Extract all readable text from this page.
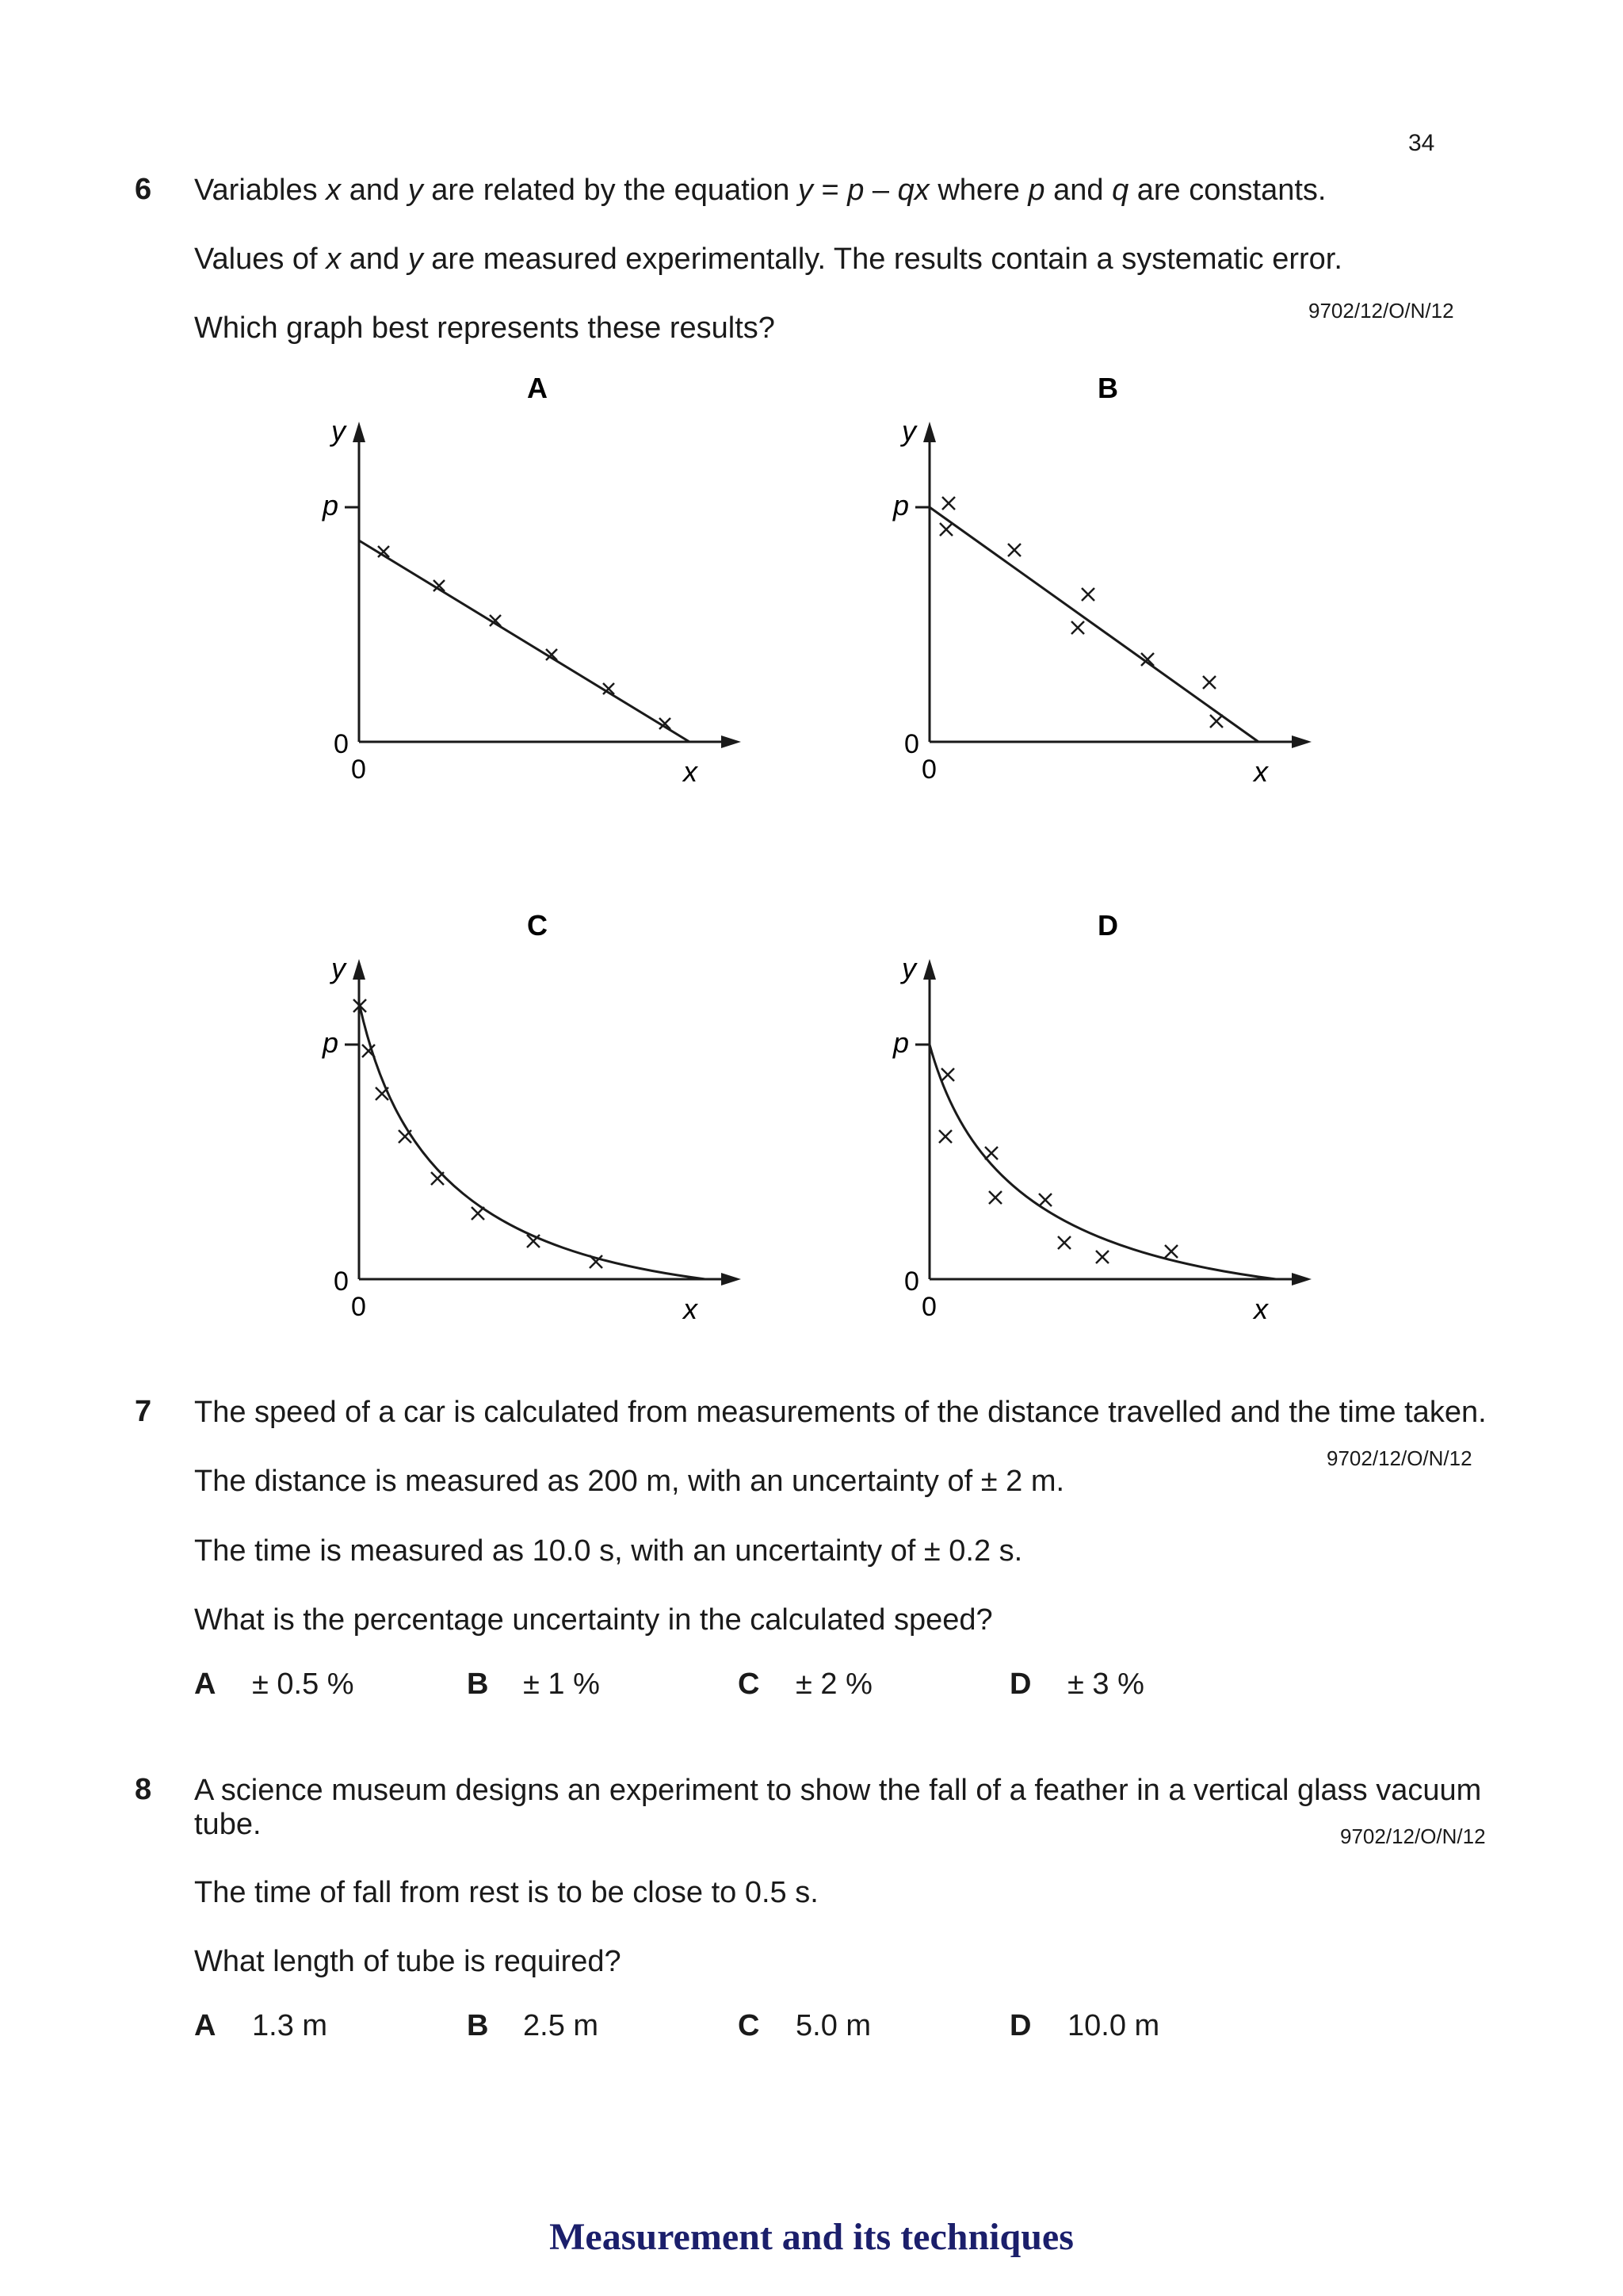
34
6 Variables x and y are related by the equation y = p – qx where p and q are constants.
Values of x and y are measured experimentally. The results contain a systematic error.
9702/12/O/N/12
Which graph best represents these results?
A
y
p
0
0	x
B
y
p
0
0	x
C
y
p
0
0	x
D
y
p
0
0	x
7 The speed of a car is calculated from measurements of the distance travelled and the time taken.
9702/12/O/N/12
The distance is measured as 200 m, with an uncertainty of ± 2 m.
The time is measured as 10.0 s, with an uncertainty of ± 0.2 s.
What is the percentage uncertainty in the calculated speed?
A ± 0.5 %	B ± 1 %	C ± 2 %	D ± 3 %
8 A science museum designs an experiment to show the fall of a feather in a vertical glass vacuum
tube.	9702/12/O/N/12
The time of fall from rest is to be close to 0.5 s.
What length of tube is required?
A 1.3 m	B 2.5 m	C 5.0 m	D 10.0 m
Measurement and its techniques
